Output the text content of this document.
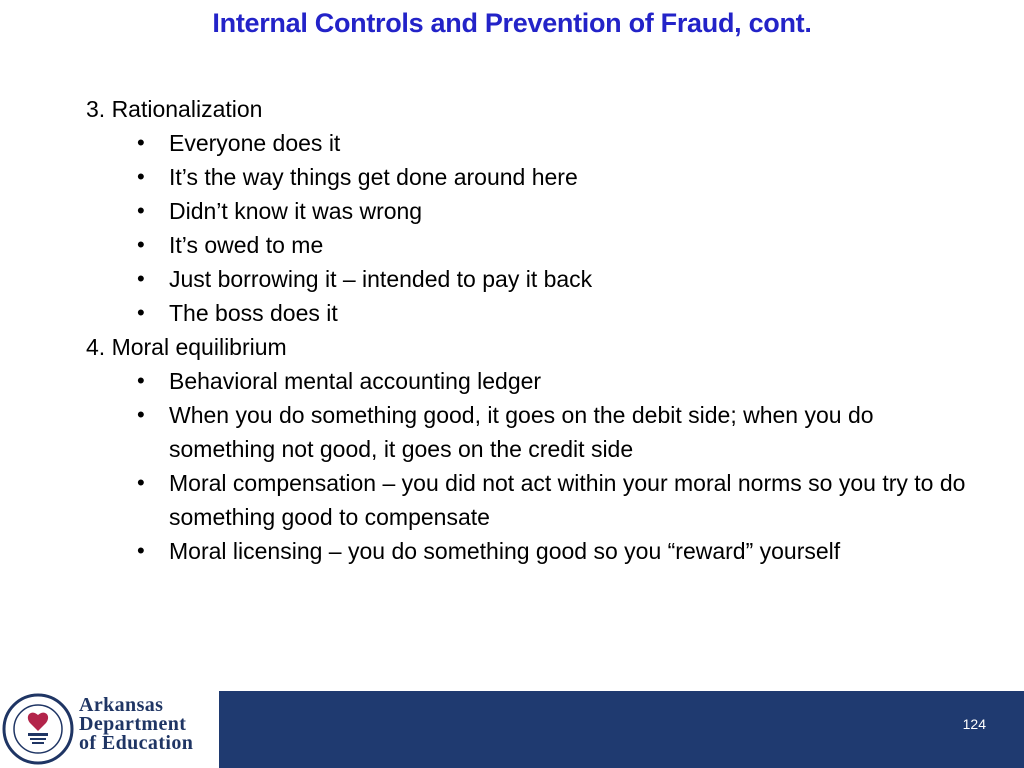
Internal Controls and Prevention of Fraud, cont.
3. Rationalization
• Everyone does it
• It’s the way things get done around here
• Didn’t know it was wrong
• It’s owed to me
• Just borrowing it – intended to pay it back
• The boss does it
4. Moral equilibrium
• Behavioral mental accounting ledger
• When you do something good, it goes on the debit side; when you do something not good, it goes on the credit side
• Moral compensation – you did not act within your moral norms so you try to do something good to compensate
• Moral licensing – you do something good so you “reward” yourself
Arkansas
Department
of Education
124
